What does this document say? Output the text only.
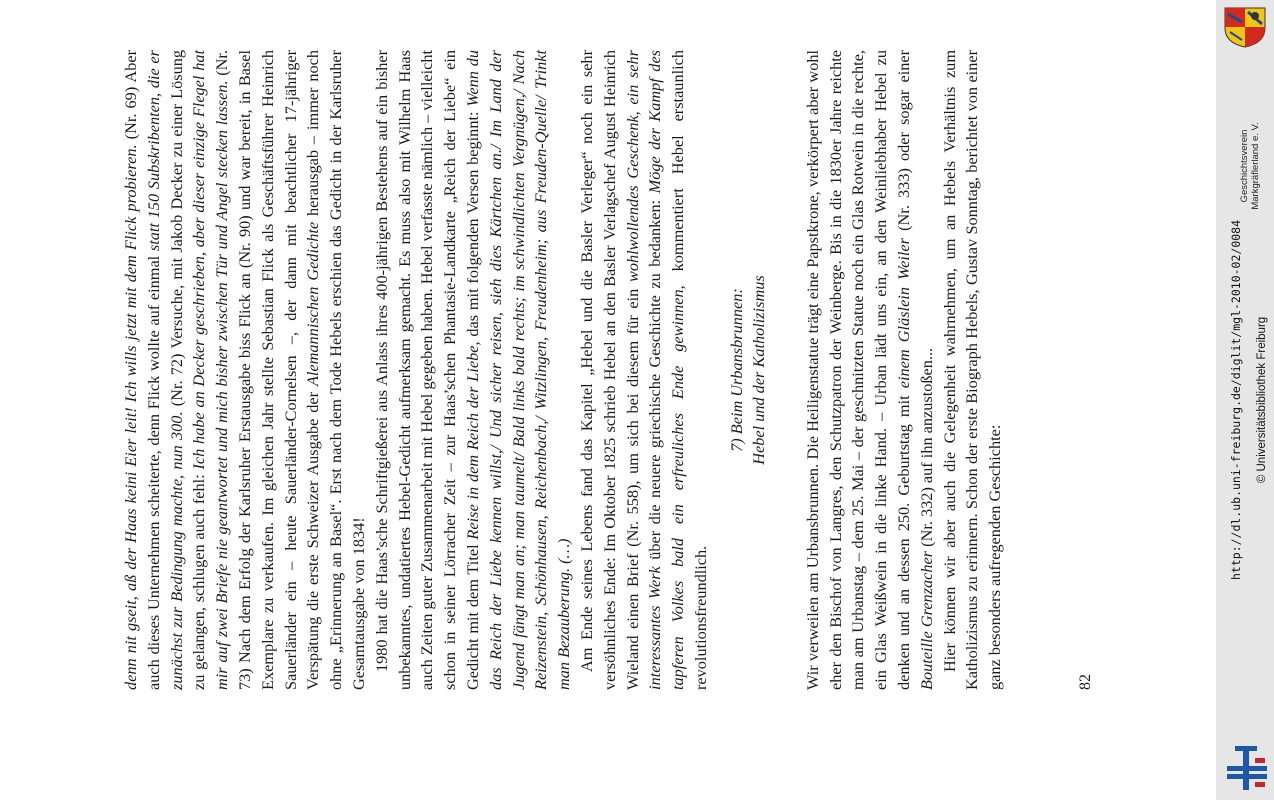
Geschichtsverein Markgräflerland e. V.
http://dl.ub.uni-freiburg.de/diglit/mgl-2010-02/0084 © Universitätsbibliothek Freiburg

denn nit gseit, aß der Haas keini Eier leit! Ich wills jetzt mit dem Flick probieren. (Nr. 69) Aber auch dieses Unternehmen scheiterte, denn Flick wollte auf einmal statt 150 Subskribenten, die er zunächst zur Bedingung machte, nun 300. (Nr. 72) Versuche, mit Jakob Decker zu einer Lösung zu gelangen, schlugen auch fehl: Ich habe an Decker geschrieben, aber dieser einzige Flegel hat mir auf zwei Briefe nie geantwortet und mich bisher zwischen Tür und Angel stecken lassen. (Nr. 73) Nach dem Erfolg der Karlsruher Erstausgabe biss Flick an (Nr. 90) und war bereit, in Basel Exemplare zu verkaufen. Im gleichen Jahr stellte Sebastian Flick als Geschäftsführer Heinrich Sauerländer ein – heute Sauerländer-Cornelsen –, der dann mit beachtlicher 17-jähriger Verspätung die erste Schweizer Ausgabe der Alemannischen Gedichte herausgab – immer noch ohne „Erinnerung an Basel“. Erst nach dem Tode Hebels erschien das Gedicht in der Karlsruher Gesamtausgabe von 1834! 1980 hat die Haas’sche Schriftgießerei aus Anlass ihres 400-jährigen Bestehens auf ein bisher unbekanntes, undatiertes Hebel-Gedicht aufmerksam gemacht. Es muss also mit Wilhelm Haas auch Zeiten guter Zusammenarbeit mit Hebel gegeben haben. Hebel verfasste nämlich – vielleicht schon in seiner Lörracher Zeit – zur Haas’schen Phantasie-Landkarte „Reich der Liebe“ ein Gedicht mit dem Titel Reise in dem Reich der Liebe, das mit folgenden Versen beginnt: Wenn du das Reich der Liebe kennen willst,/ Und sicher reisen, sieh dies Kärtchen an./ Im Land der Jugend fängt man an; man taumelt/ Bald links bald rechts; im schwindlichten Vergnügen,/ Nach Reizenstein, Schönhausen, Reichenbach,/ Witzlingen, Freudenheim; aus Freuden-Quelle/ Trinkt man Bezauberung. (…) Am Ende seines Lebens fand das Kapitel „Hebel und die Basler Verleger“ noch ein sehr versöhnliches Ende: Im Oktober 1825 schrieb Hebel an den Basler Verlagschef August Heinrich Wieland einen Brief (Nr. 558), um sich bei diesem für ein wohlwollendes Geschenk, ein sehr interessantes Werk über die neuere griechische Geschichte zu bedanken: Möge der Kampf des tapferen Volkes bald ein erfreuliches Ende gewinnen, kommentiert Hebel erstaunlich revolutionsfreundlich.

7) Beim Urbansbrunnen: Hebel und der Katholizismus Wir verweilen am Urbansbrunnen. Die Heiligenstatue trägt eine Papstkrone, verkörpert aber wohl eher den Bischof von Langres, den Schutzpatron der Weinberge. Bis in die 1830er Jahre reichte man am Urbanstag – dem 25. Mai – der geschnitzten Statue noch ein Glas Rotwein in die rechte, ein Glas Weißwein in die linke Hand. – Urban lädt uns ein, an den Weinliebhaber Hebel zu denken und an dessen 250. Geburtstag mit einem Gläslein Weiler (Nr. 333) oder sogar einer Bouteille Grenzacher (Nr. 332) auf ihn anzustoßen... Hier können wir aber auch die Gelegenheit wahrnehmen, um an Hebels Verhältnis zum Katholizismus zu erinnern. Schon der erste Biograph Hebels, Gustav Sonntag, berichtet von einer ganz besonders aufregenden Geschichte:	82
